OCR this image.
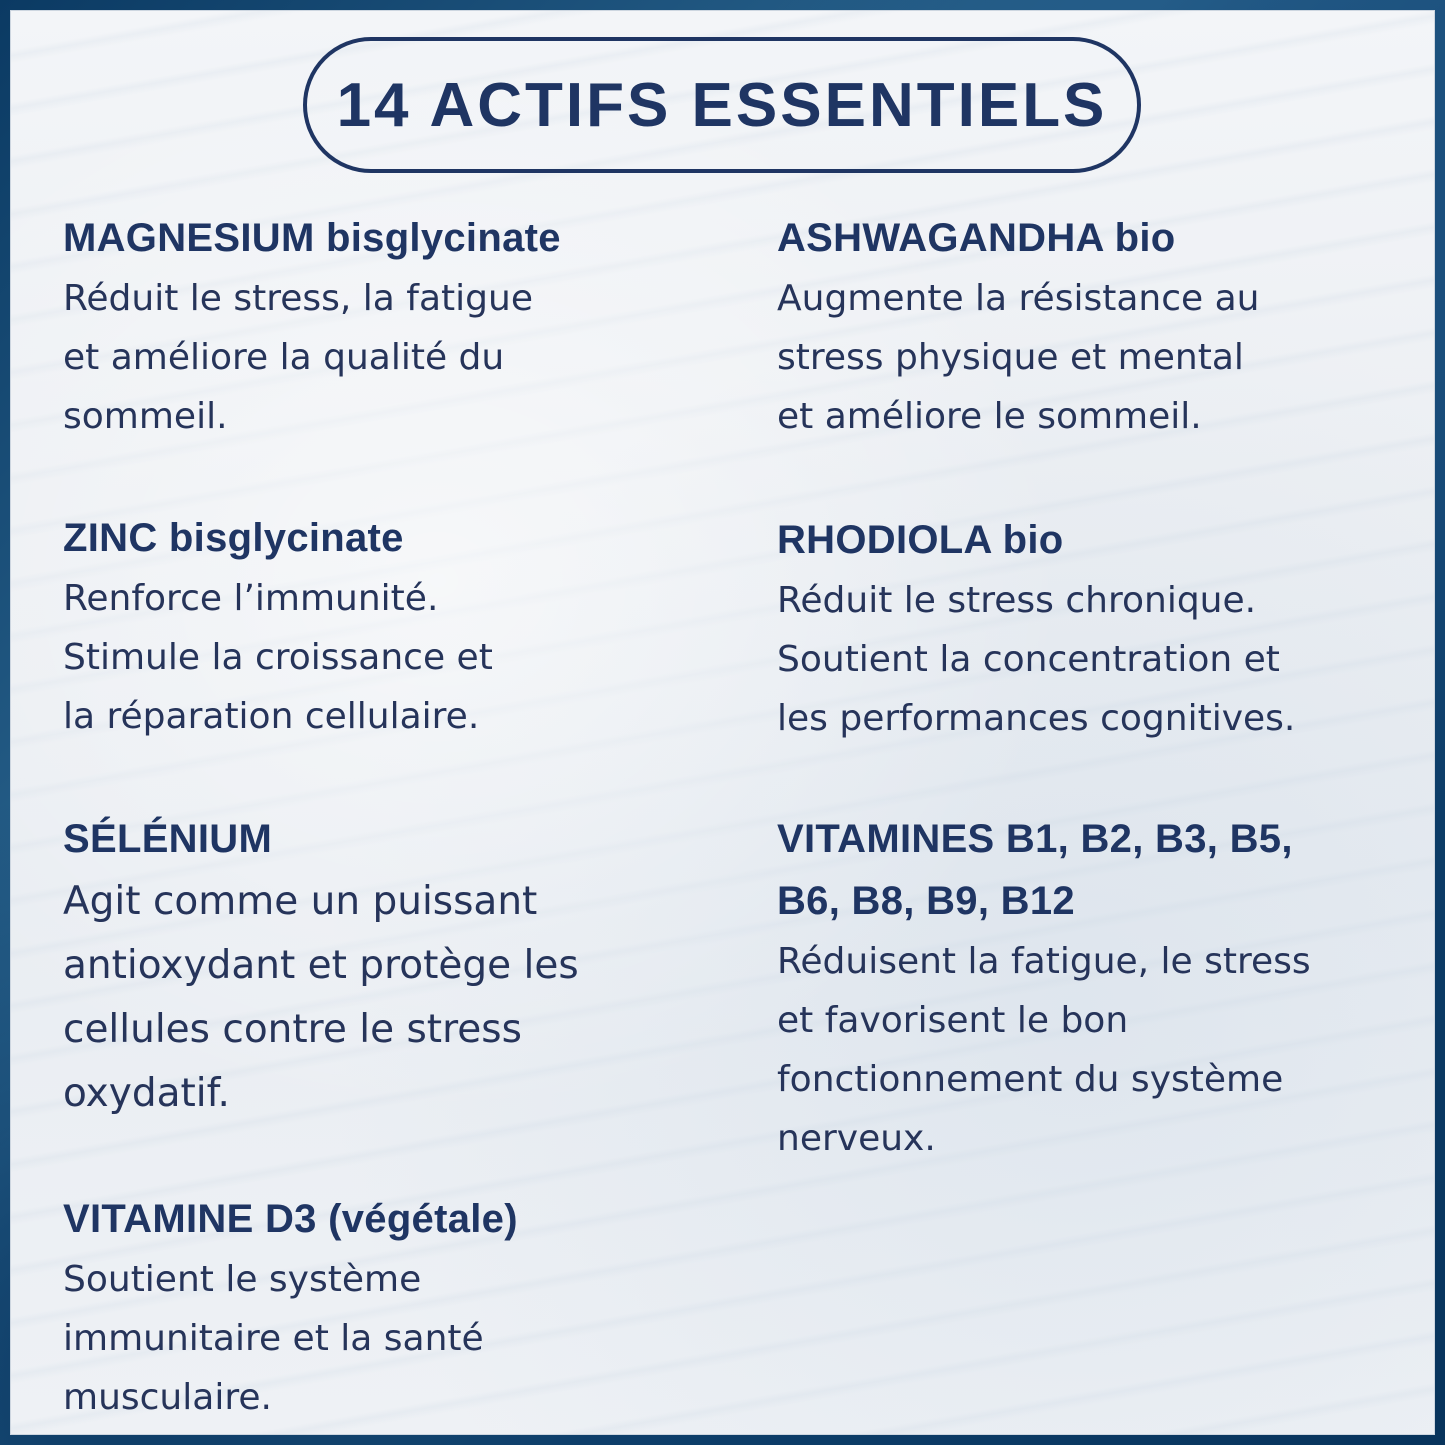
14 ACTIFS ESSENTIELS
MAGNESIUM bisglycinate
Réduit le stress, la fatigue
et améliore la qualité du
sommeil.
ZINC bisglycinate
Renforce l’immunité.
Stimule la croissance et
la réparation cellulaire.
SÉLÉNIUM
Agit comme un puissant
antioxydant et protège les
cellules contre le stress
oxydatif.
VITAMINE D3 (végétale)
Soutient le système
immunitaire et la santé
musculaire.
ASHWAGANDHA bio
Augmente la résistance au
stress physique et mental
et améliore le sommeil.
RHODIOLA bio
Réduit le stress chronique.
Soutient la concentration et
les performances cognitives.
VITAMINES B1, B2, B3, B5,
B6, B8, B9, B12
Réduisent la fatigue, le stress
et favorisent le bon
fonctionnement du système
nerveux.
